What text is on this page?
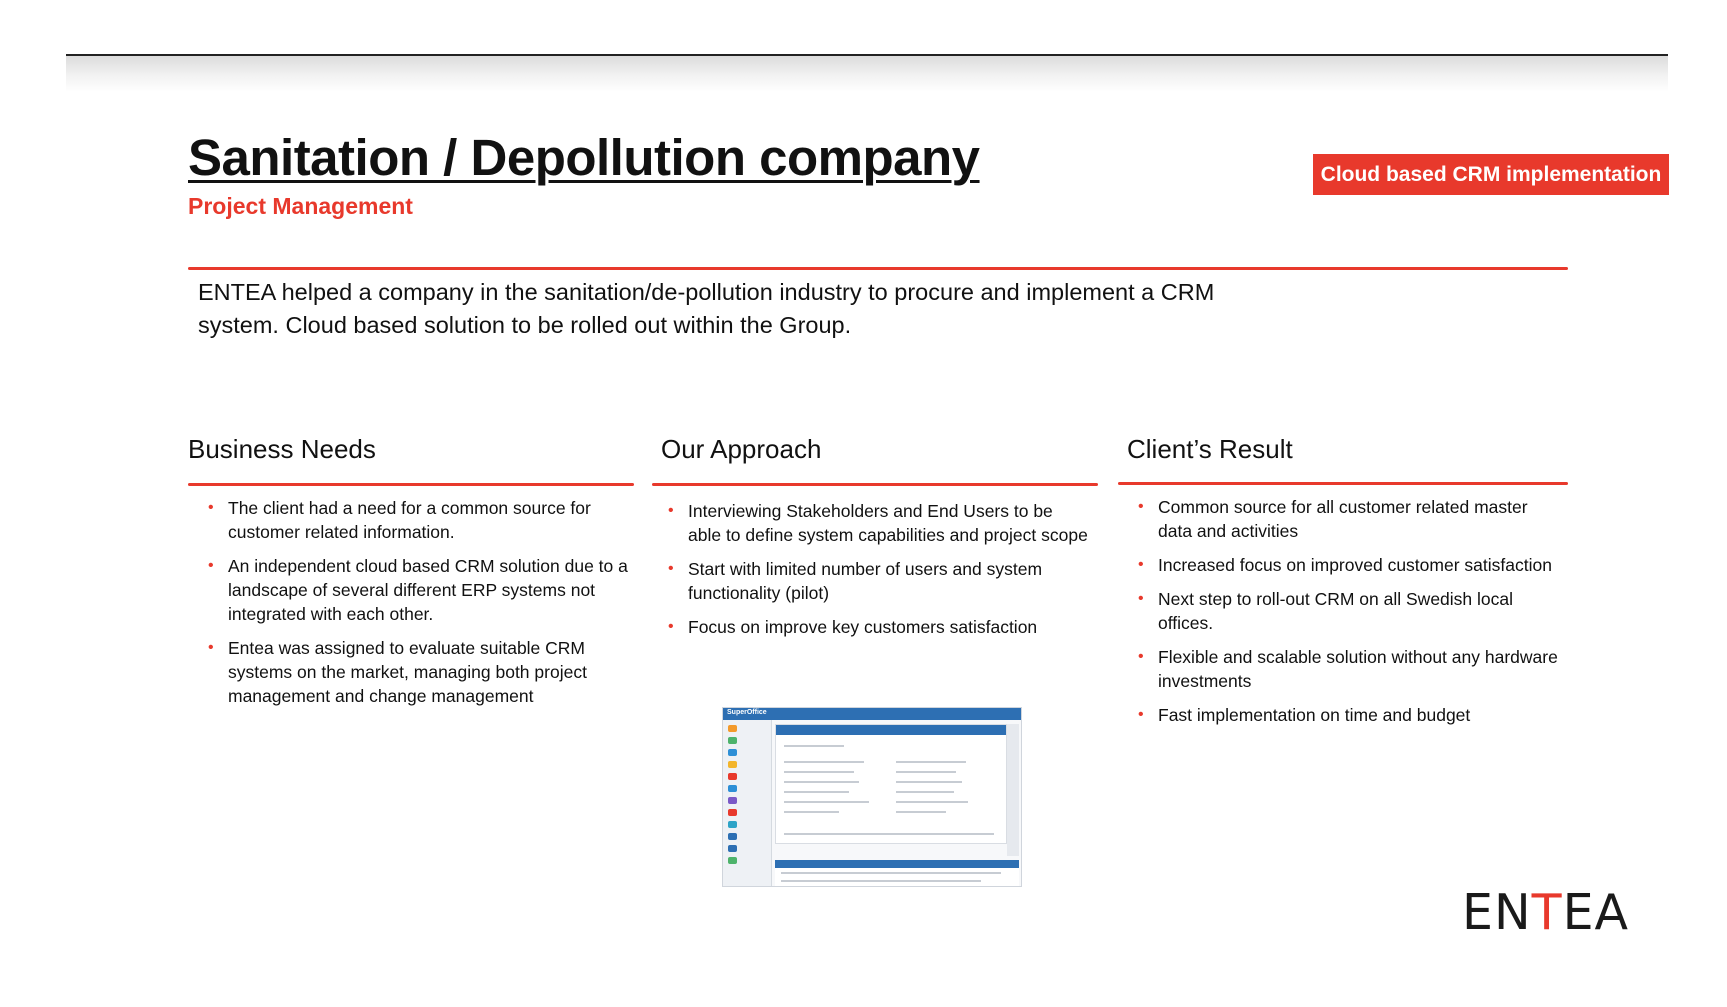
Sanitation / Depollution company
Project Management
Cloud based CRM implementation
ENTEA helped a company in the sanitation/de-pollution industry to procure and implement a CRM system. Cloud based solution to be rolled out within the Group.
Business Needs
• The client had a need for a common source for customer related information.
• An independent cloud based CRM solution due to a landscape of several different ERP systems not integrated with each other.
• Entea was assigned to evaluate suitable CRM systems on the market, managing both project management and change management
Our Approach
• Interviewing Stakeholders and End Users to be able to define system capabilities and project scope
• Start with limited number of users and system functionality (pilot)
• Focus on improve key customers satisfaction
Client’s Result
• Common source for all customer related master data and activities
• Increased focus on improved customer satisfaction
• Next step to roll-out CRM on all Swedish local offices.
• Flexible and scalable solution without any hardware investments
• Fast implementation on time and budget
SuperOffice
ENTEA
